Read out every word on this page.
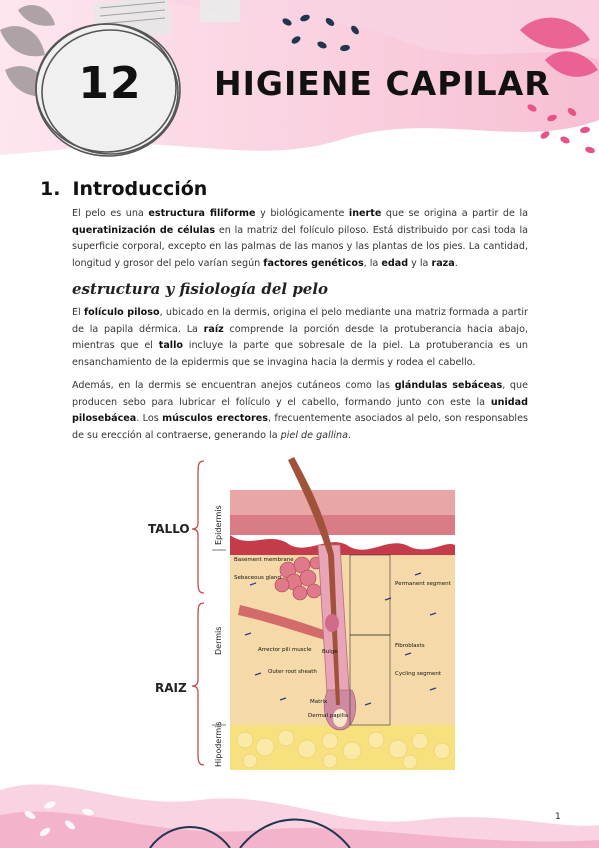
12	HIGIENE CAPILAR
1. Introducción
El pelo es una estructura filiforme y biológicamente inerte que se origina a partir de la queratinización de células en la matriz del folículo piloso. Está distribuido por casi toda la superficie corporal, excepto en las palmas de las manos y las plantas de los pies. La cantidad, longitud y grosor del pelo varían según factores genéticos, la edad y la raza.
estructura y fisiología del pelo
El folículo piloso, ubicado en la dermis, origina el pelo mediante una matriz formada a partir de la papila dérmica. La raíz comprende la porción desde la protuberancia hacia abajo, mientras que el tallo incluye la parte que sobresale de la piel. La protuberancia es un ensanchamiento de la epidermis que se invagina hacia la dermis y rodea el cabello.
Además, en la dermis se encuentran anejos cutáneos como las glándulas sebáceas, que producen sebo para lubricar el folículo y el cabello, formando junto con este la unidad pilosebácea. Los músculos erectores, frecuentemente asociados al pelo, son responsables de su erección al contraerse, generando la piel de gallina.
TALLO
RAIZ
Epidermis
Dermis
Hipodermis
Basement membrane
Sebaceous gland
Arrector pili muscle Bulge
Outer root sheath
Matrix
Dermal papilla
Permanent segment
Fibroblasts
Cycling segment
1
